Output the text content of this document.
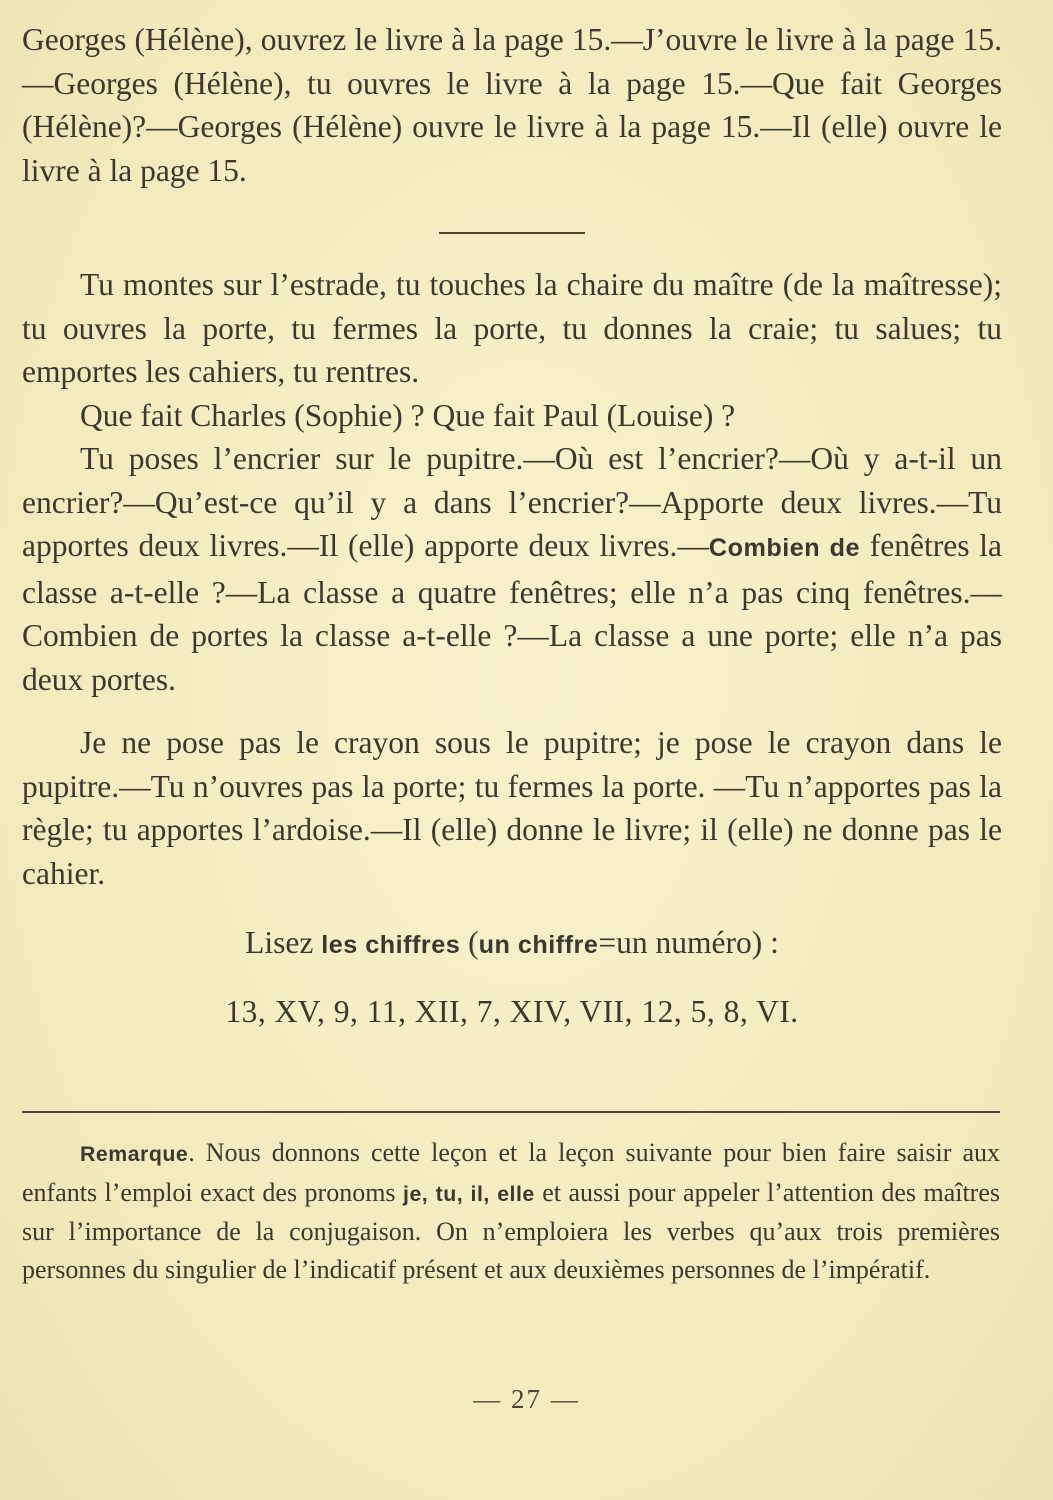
Georges (Hélène), ouvrez le livre à la page 15.—J’ouvre le livre à la page 15.—Georges (Hélène), tu ouvres le livre à la page 15.—Que fait Georges (Hélène)?—Georges (Hélène) ouvre le livre à la page 15.—Il (elle) ouvre le livre à la page 15.

Tu montes sur l’estrade, tu touches la chaire du maître (de la maîtresse); tu ouvres la porte, tu fermes la porte, tu donnes la craie; tu salues; tu emportes les cahiers, tu rentres.

Que fait Charles (Sophie) ? Que fait Paul (Louise) ?

Tu poses l’encrier sur le pupitre.—Où est l’encrier?—Où y a-t-il un encrier?—Qu’est-ce qu’il y a dans l’encrier?—Apporte deux livres.—Tu apportes deux livres.—Il (elle) apporte deux livres.—Combien de fenêtres la classe a-t-elle ?—La classe a quatre fenêtres; elle n’a pas cinq fenêtres.—Combien de portes la classe a-t-elle ?—La classe a une porte; elle n’a pas deux portes.

Je ne pose pas le crayon sous le pupitre; je pose le crayon dans le pupitre.—Tu n’ouvres pas la porte; tu fermes la porte. —Tu n’apportes pas la règle; tu apportes l’ardoise.—Il (elle) donne le livre; il (elle) ne donne pas le cahier.

Lisez les chiffres (un chiffre=un numéro) :

13, XV, 9, 11, XII, 7, XIV, VII, 12, 5, 8, VI.

Remarque. Nous donnons cette leçon et la leçon suivante pour bien faire saisir aux enfants l’emploi exact des pronoms je, tu, il, elle et aussi pour appeler l’attention des maîtres sur l’importance de la conjugaison. On n’emploiera les verbes qu’aux trois premières personnes du singulier de l’indicatif présent et aux deuxièmes personnes de l’impératif.

— 27 —
